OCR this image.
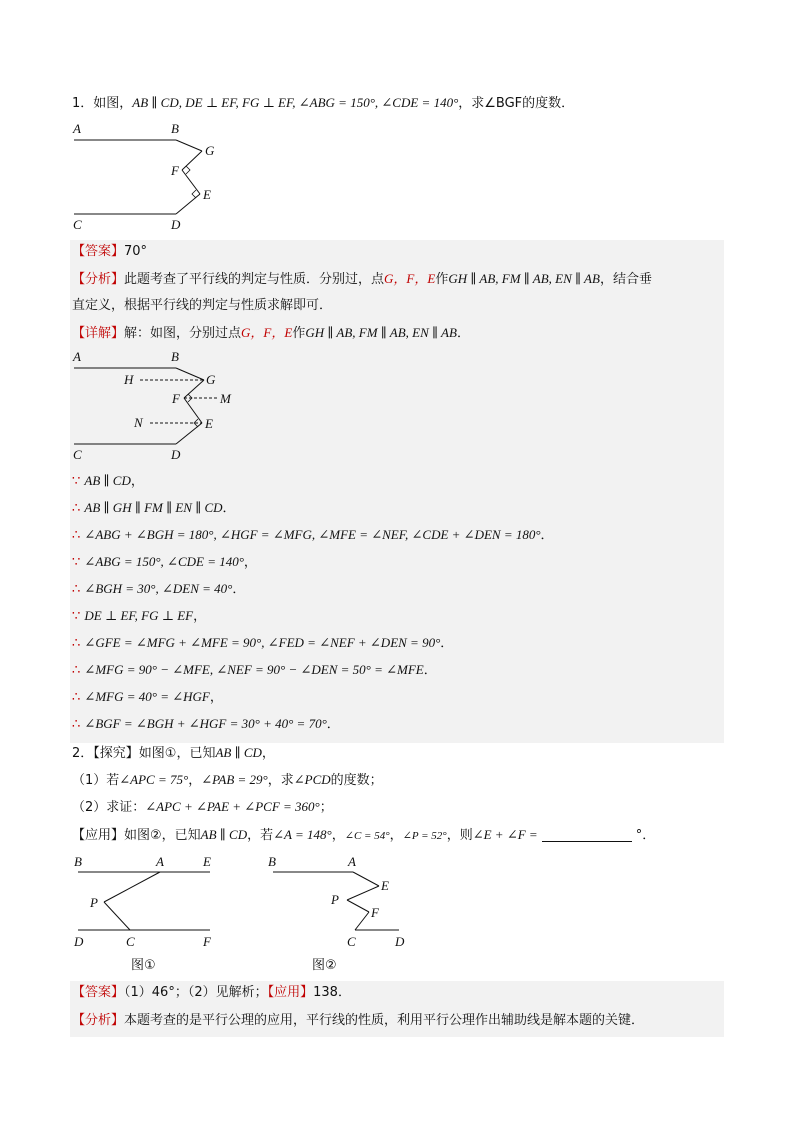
1．如图，AB ∥ CD, DE ⊥ EF, FG ⊥ EF, ∠ABG = 150°, ∠CDE = 140°，求∠BGF的度数．
A	B
G
F
E
C	D
【答案】70°
【分析】此题考查了平行线的判定与性质．分别过，点G，F，E作GH ∥ AB, FM ∥ AB, EN ∥ AB，结合垂
直定义，根据平行线的判定与性质求解即可．
【详解】解：如图，分别过点G，F，E作GH ∥ AB, FM ∥ AB, EN ∥ AB．
A	B
H	G
F	M
N	E
C	D
∵ AB ∥ CD，
∴ AB ∥ GH ∥ FM ∥ EN ∥ CD．
∴ ∠ABG + ∠BGH = 180°, ∠HGF = ∠MFG, ∠MFE = ∠NEF, ∠CDE + ∠DEN = 180°．
∵ ∠ABG = 150°, ∠CDE = 140°，
∴ ∠BGH = 30°, ∠DEN = 40°．
∵ DE ⊥ EF, FG ⊥ EF，
∴ ∠GFE = ∠MFG + ∠MFE = 90°, ∠FED = ∠NEF + ∠DEN = 90°．
∴ ∠MFG = 90° − ∠MFE, ∠NEF = 90° − ∠DEN = 50° = ∠MFE．
∴ ∠MFG = 40° = ∠HGF，
∴ ∠BGF = ∠BGH + ∠HGF = 30° + 40° = 70°．
2．【探究】如图①，已知AB ∥ CD，
（1）若∠APC = 75°，∠PAB = 29°，求∠PCD的度数；
（2）求证：∠APC + ∠PAE + ∠PCF = 360°；
【应用】如图②，已知AB ∥ CD，若∠A = 148°，∠C = 54°，∠P = 52°，则∠E + ∠F =	°．
B	A	E
P
D	C	F
图①
B	A
E
P
F
C	D
图②
【答案】（1）46°；（2）见解析；【应用】138．
【分析】本题考查的是平行公理的应用，平行线的性质，利用平行公理作出辅助线是解本题的关键．
